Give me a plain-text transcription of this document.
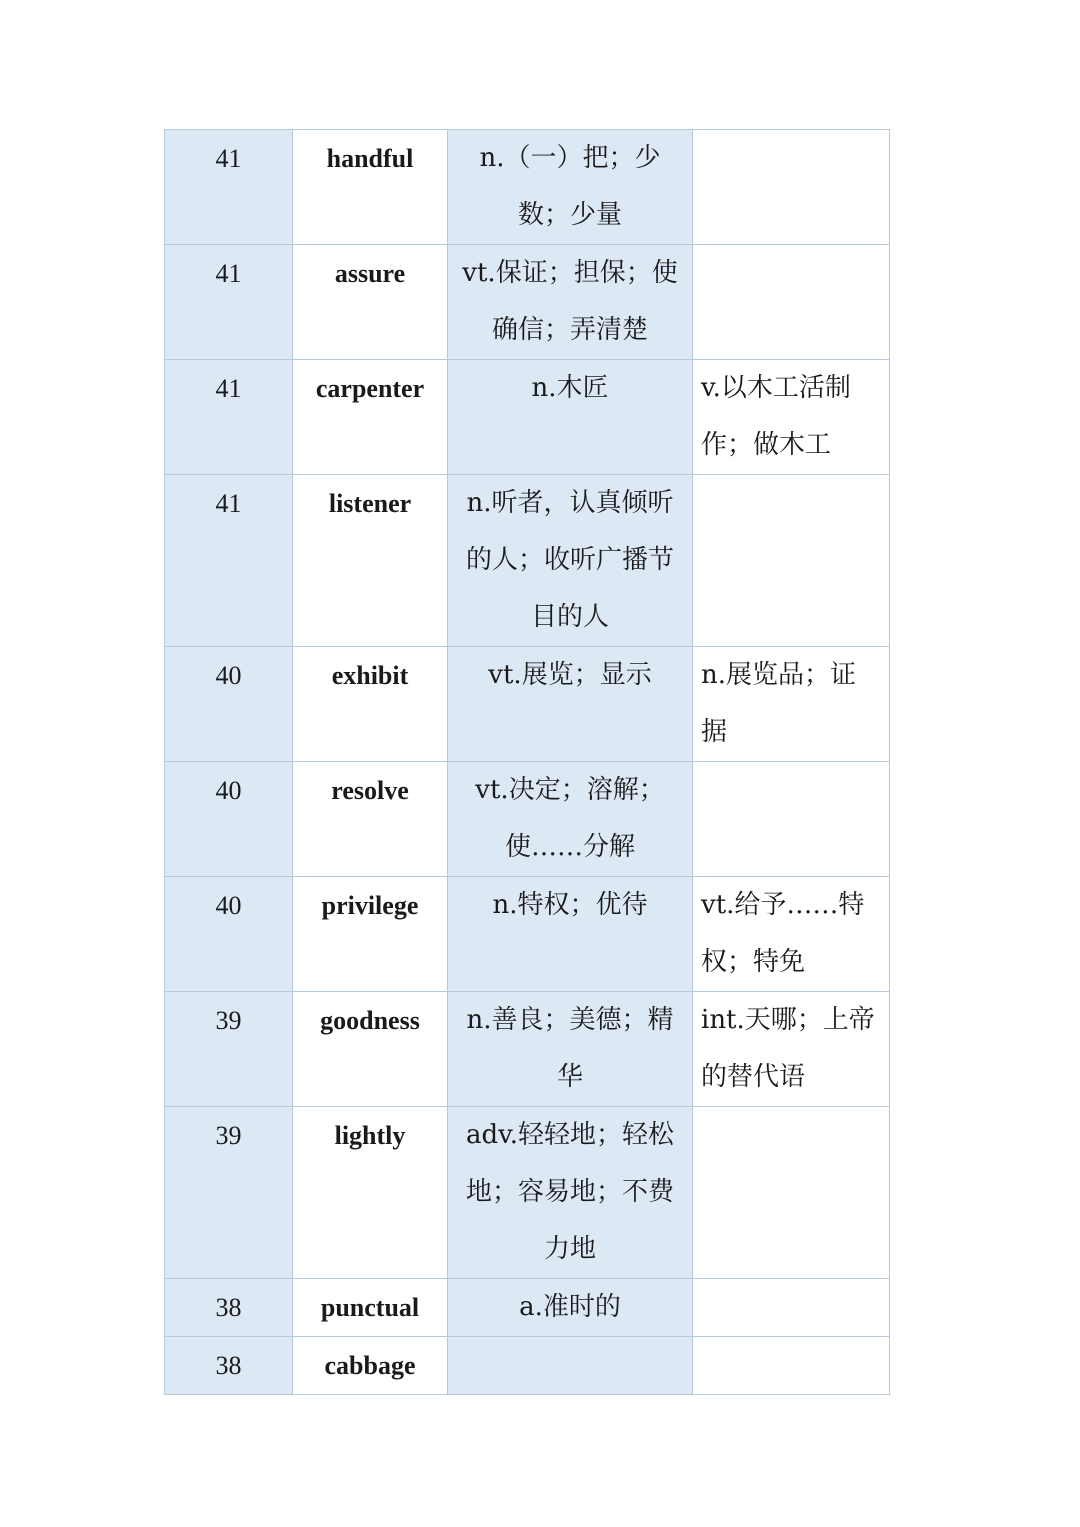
41	handful	n.（一）把；少数；少量	
41	assure	vt.保证；担保；使确信；弄清楚	
41	carpenter	n.木匠	v.以木工活制作；做木工
41	listener	n.听者，认真倾听的人；收听广播节目的人	
40	exhibit	vt.展览；显示	n.展览品；证据
40	resolve	vt.决定；溶解；使……分解	
40	privilege	n.特权；优待	vt.给予……特权；特免
39	goodness	n.善良；美德；精华	int.天哪；上帝的替代语
39	lightly	adv.轻轻地；轻松地；容易地；不费力地	
38	punctual	a.准时的	
38	cabbage		
